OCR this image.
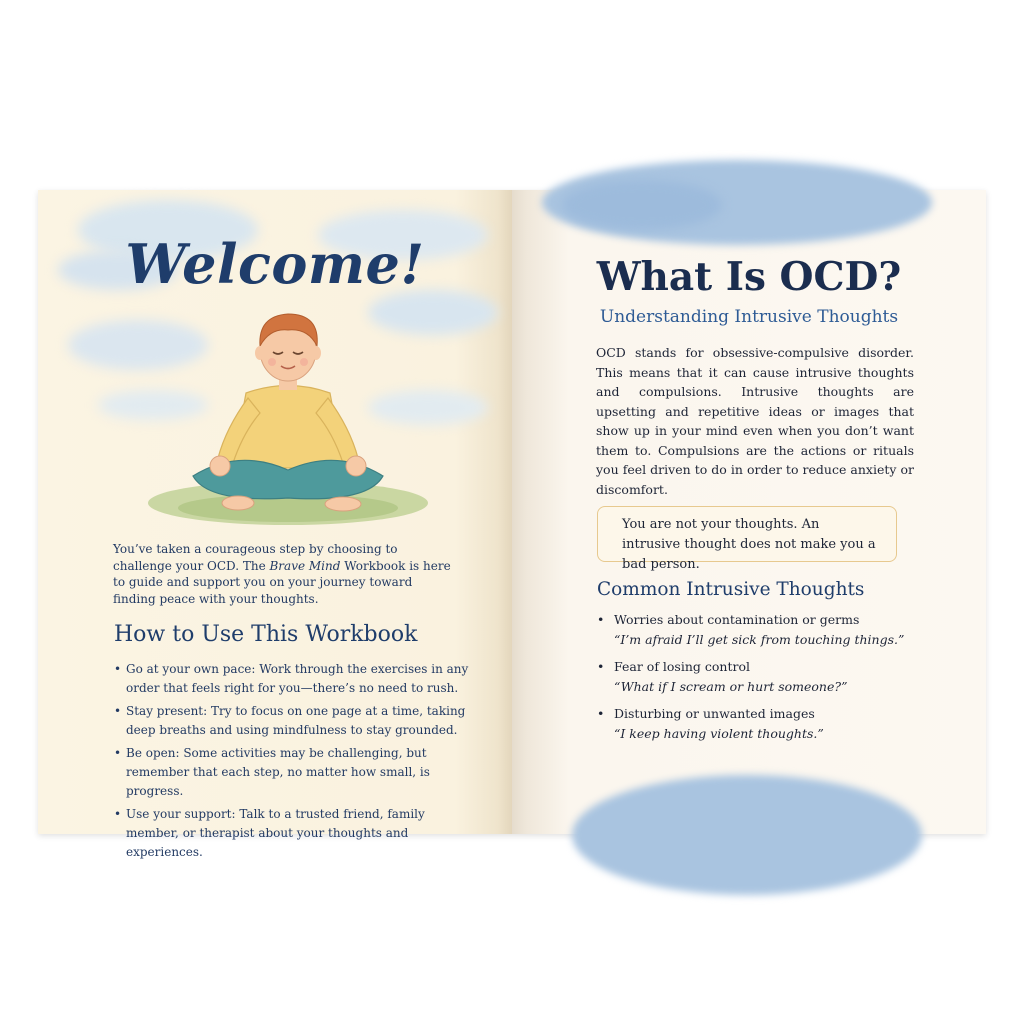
Welcome!
You’ve taken a courageous step by choosing to challenge your OCD. The Brave Mind Workbook is here to guide and support you on your journey toward finding peace with your thoughts.
How to Use This Workbook
• Go at your own pace: Work through the exercises in any order that feels right for you—there’s no need to rush.
• Stay present: Try to focus on one page at a time, taking deep breaths and using mindfulness to stay grounded.
• Be open: Some activities may be challenging, but remember that each step, no matter how small, is progress.
• Use your support: Talk to a trusted friend, family member, or therapist about your thoughts and experiences.
What Is OCD?
Understanding Intrusive Thoughts
OCD stands for obsessive-compulsive disorder. This means that it can cause intrusive thoughts and compulsions. Intrusive thoughts are upsetting and repetitive ideas or images that show up in your mind even when you don’t want them to. Compulsions are the actions or rituals you feel driven to do in order to reduce anxiety or discomfort.
You are not your thoughts. An intrusive thought does not make you a bad person.
Common Intrusive Thoughts
• Worries about contamination or germs
“I’m afraid I’ll get sick from touching things.”
• Fear of losing control
“What if I scream or hurt someone?”
• Disturbing or unwanted images
“I keep having violent thoughts.”
